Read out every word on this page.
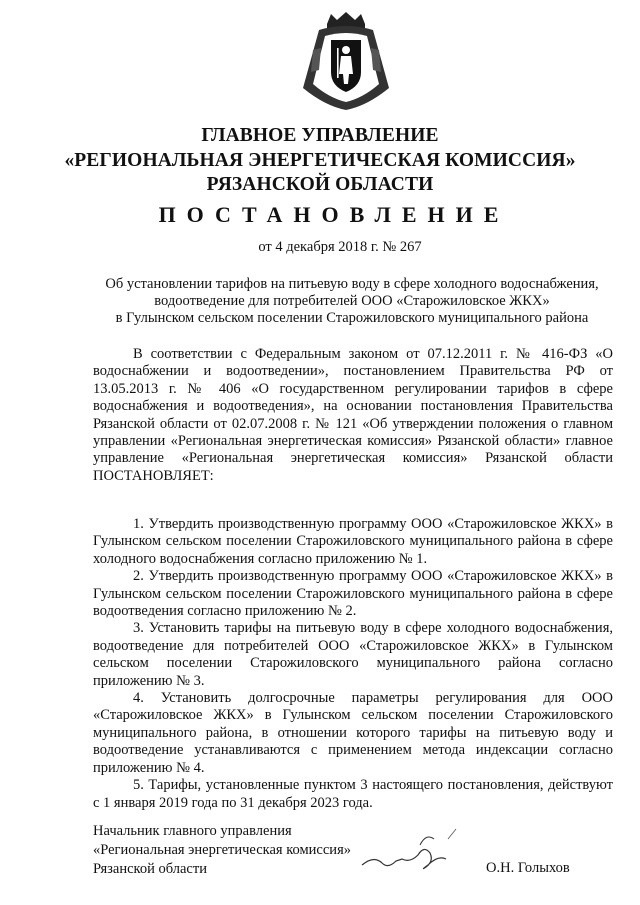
ГЛАВНОЕ УПРАВЛЕНИЕ
«РЕГИОНАЛЬНАЯ ЭНЕРГЕТИЧЕСКАЯ КОМИССИЯ»
РЯЗАНСКОЙ ОБЛАСТИ
ПОСТАНОВЛЕНИЕ
от 4 декабря 2018 г. № 267
Об установлении тарифов на питьевую воду в сфере холодного водоснабжения,
водоотведение для потребителей ООО «Старожиловское ЖКХ»
в Гулынском сельском поселении Старожиловского муниципального района

В соответствии с Федеральным законом от 07.12.2011 г. № 416-ФЗ «О водоснабжении и водоотведении», постановлением Правительства РФ от 13.05.2013 г. № 406 «О государственном регулировании тарифов в сфере водоснабжения и водоотведения», на основании постановления Правительства Рязанской области от 02.07.2008 г. № 121 «Об утверждении положения о главном управлении «Региональная энергетическая комиссия» Рязанской области» главное управление «Региональная энергетическая комиссия» Рязанской области ПОСТАНОВЛЯЕТ:

1. Утвердить производственную программу ООО «Старожиловское ЖКХ» в Гулынском сельском поселении Старожиловского муниципального района в сфере холодного водоснабжения согласно приложению № 1.

2. Утвердить производственную программу ООО «Старожиловское ЖКХ» в Гулынском сельском поселении Старожиловского муниципального района в сфере водоотведения согласно приложению № 2.

3. Установить тарифы на питьевую воду в сфере холодного водоснабжения, водоотведение для потребителей ООО «Старожиловское ЖКХ» в Гулынском сельском поселении Старожиловского муниципального района согласно приложению № 3.

4. Установить долгосрочные параметры регулирования для ООО «Старожиловское ЖКХ» в Гулынском сельском поселении Старожиловского муниципального района, в отношении которого тарифы на питьевую воду и водоотведение устанавливаются с применением метода индексации согласно приложению № 4.

5. Тарифы, установленные пунктом 3 настоящего постановления, действуют с 1 января 2019 года по 31 декабря 2023 года.

Начальник главного управления
«Региональная энергетическая комиссия»
Рязанской области	О.Н. Голыхов
